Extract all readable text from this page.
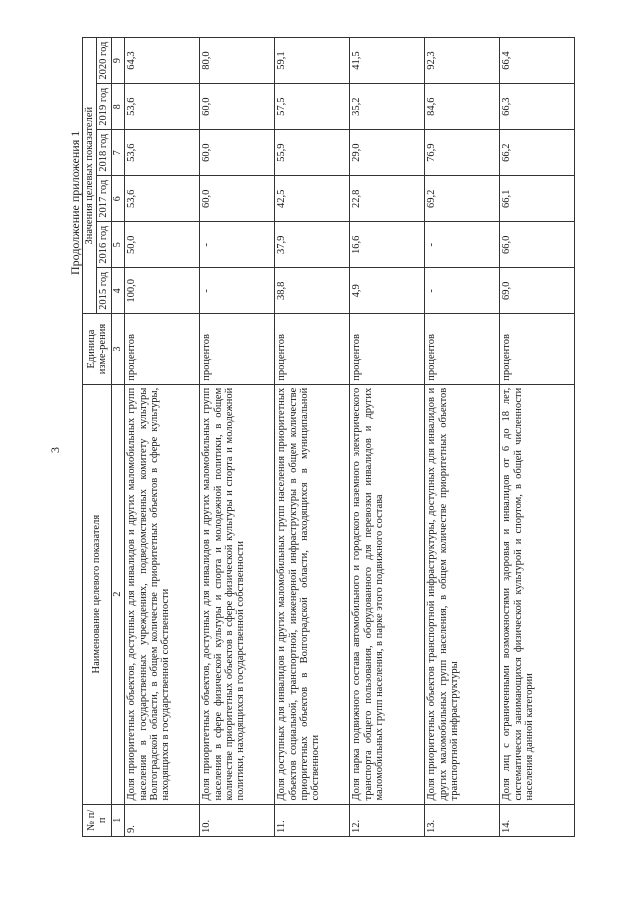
3
Продолжение приложения 1
№ п/п	Наименование целевого показателя	Единица изме-рения	Значения целевых показателей					
			2015 год	2016 год	2017 год	2018 год	2019 год	2020 год
1	2	3	4	5	6	7	8	9
9.	Доля приоритетных объектов, доступных для инвалидов и других маломобильных групп населения в государственных учреждениях, подведомственных комитету культуры Волгоградской области, в общем количестве приоритетных объектов в сфере культуры, находящихся в государственной собственности	процентов	100,0	50,0	53,6	53,6	53,6	64,3
10.	Доля приоритетных объектов, доступных для инвалидов и других маломобильных групп населения в сфере физической культуры и спорта и молодежной политики, в общем количестве приоритетных объектов в сфере физической культуры и спорта и молодежной политики, находящихся в государственной собственности	процентов	-	-	60,0	60,0	60,0	80,0
11.	Доля доступных для инвалидов и других маломобильных групп населения приоритетных объектов социальной, транспортной, инженерной инфраструктуры в общем количестве приоритетных объектов в Волгоградской области, находящихся в муниципальной собственности	процентов	38,8	37,9	42,5	55,9	57,5	59,1
12.	Доля парка подвижного состава автомобильного и городского наземного электрического транспорта общего пользования, оборудованного для перевозки инвалидов и других маломобильных групп населения, в парке этого подвижного состава	процентов	4,9	16,6	22,8	29,0	35,2	41,5
13.	Доля приоритетных объектов транспортной инфраструктуры, доступных для инвалидов и других маломобильных групп населения, в общем количестве приоритетных объектов транспортной инфраструктуры	процентов	-	-	69,2	76,9	84,6	92,3
14.	Доля лиц с ограниченными возможностями здоровья и инвалидов от 6 до 18 лет, систематически занимающихся физической культурой и спортом, в общей численности населения данной категории	процентов	69,0	66,0	66,1	66,2	66,3	66,4
